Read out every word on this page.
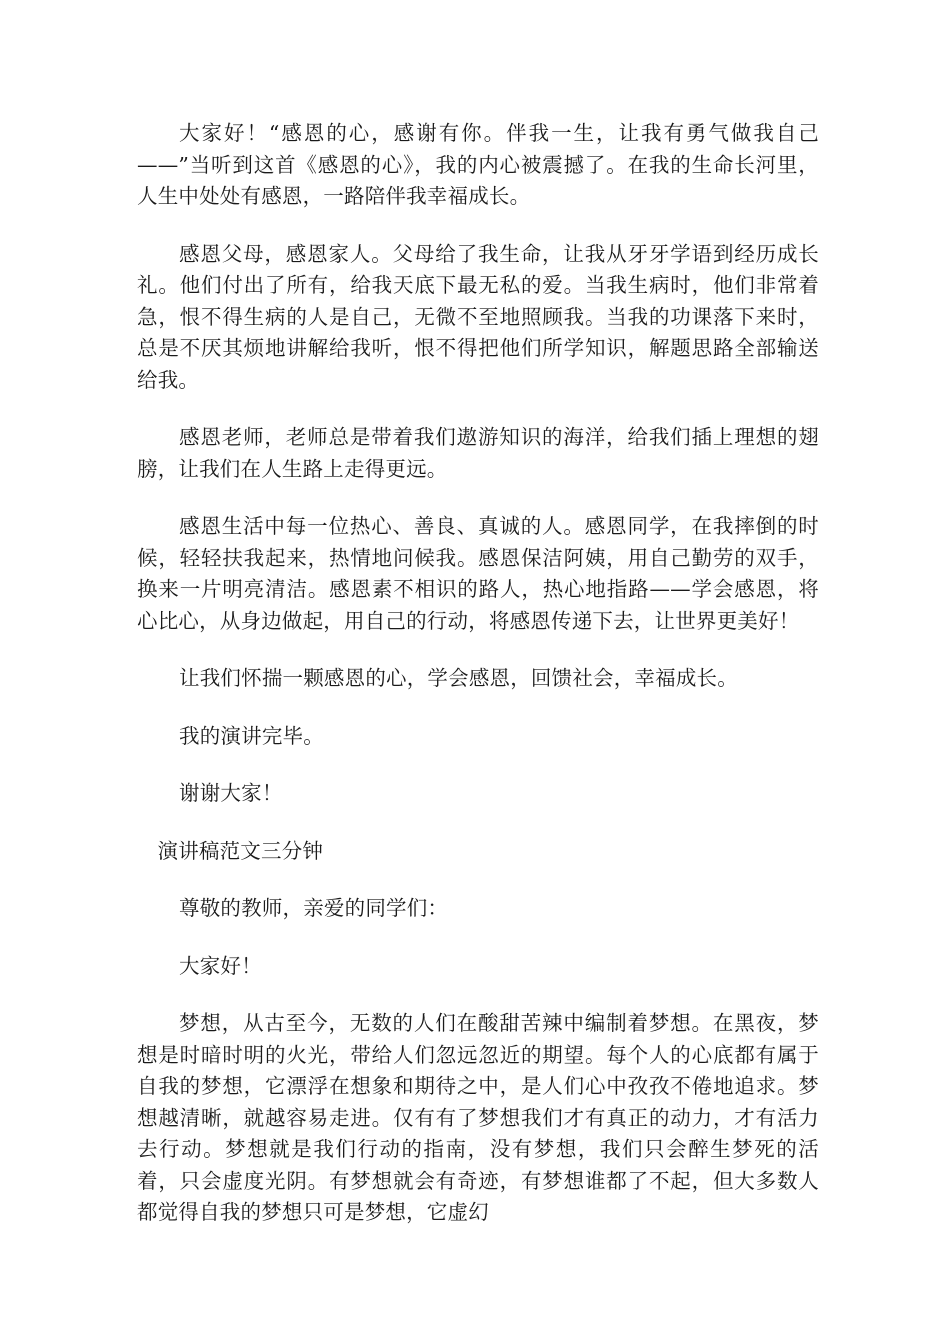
大家好！“感恩的心，感谢有你。伴我一生，让我有勇气做我自己——”当听到这首《感恩的心》，我的内心被震撼了。在我的生命长河里，人生中处处有感恩，一路陪伴我幸福成长。

感恩父母，感恩家人。父母给了我生命，让我从牙牙学语到经历成长礼。他们付出了所有，给我天底下最无私的爱。当我生病时，他们非常着急，恨不得生病的人是自己，无微不至地照顾我。当我的功课落下来时，总是不厌其烦地讲解给我听，恨不得把他们所学知识，解题思路全部输送给我。

感恩老师，老师总是带着我们遨游知识的海洋，给我们插上理想的翅膀，让我们在人生路上走得更远。

感恩生活中每一位热心、善良、真诚的人。感恩同学，在我摔倒的时候，轻轻扶我起来，热情地问候我。感恩保洁阿姨，用自己勤劳的双手，换来一片明亮清洁。感恩素不相识的路人，热心地指路——学会感恩，将心比心，从身边做起，用自己的行动，将感恩传递下去，让世界更美好！

让我们怀揣一颗感恩的心，学会感恩，回馈社会，幸福成长。

我的演讲完毕。

谢谢大家！

演讲稿范文三分钟

尊敬的教师，亲爱的同学们：

大家好！

梦想，从古至今，无数的人们在酸甜苦辣中编制着梦想。在黑夜，梦想是时暗时明的火光，带给人们忽远忽近的期望。每个人的心底都有属于自我的梦想，它漂浮在想象和期待之中，是人们心中孜孜不倦地追求。梦想越清晰，就越容易走进。仅有有了梦想我们才有真正的动力，才有活力去行动。梦想就是我们行动的指南，没有梦想，我们只会醉生梦死的活着，只会虚度光阴。有梦想就会有奇迹，有梦想谁都了不起，但大多数人都觉得自我的梦想只可是梦想，它虚幻
